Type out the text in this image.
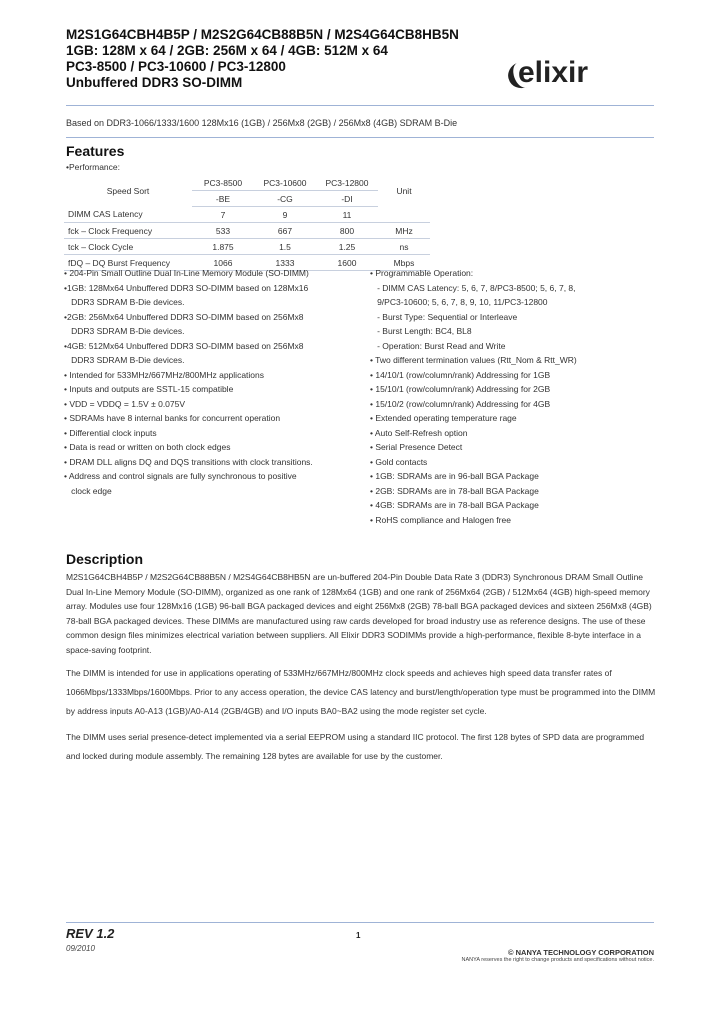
M2S1G64CBH4B5P / M2S2G64CB88B5N / M2S4G64CB8HB5N
1GB: 128M x 64 / 2GB: 256M x 64 / 4GB: 512M x 64
PC3-8500 / PC3-10600 / PC3-12800
Unbuffered DDR3 SO-DIMM	elixir
Based on DDR3-1066/1333/1600 128Mx16 (1GB) / 256Mx8 (2GB) / 256Mx8 (4GB) SDRAM B-Die
Features
•Performance:
Speed Sort	PC3-8500	PC3-10600	PC3-12800	Unit
	-BE	-CG	-DI	
DIMM CAS Latency	7	9	11	
fck – Clock Frequency	533	667	800	MHz
tck – Clock Cycle	1.875	1.5	1.25	ns
fDQ – DQ Burst Frequency	1066	1333	1600	Mbps
• 204-Pin Small Outline Dual In-Line Memory Module (SO-DIMM)
•1GB: 128Mx64 Unbuffered DDR3 SO-DIMM based on 128Mx16
DDR3 SDRAM B-Die devices.
•2GB: 256Mx64 Unbuffered DDR3 SO-DIMM based on 256Mx8
DDR3 SDRAM B-Die devices.
•4GB: 512Mx64 Unbuffered DDR3 SO-DIMM based on 256Mx8
DDR3 SDRAM B-Die devices.
• Intended for 533MHz/667MHz/800MHz applications
• Inputs and outputs are SSTL-15 compatible
• VDD = VDDQ = 1.5V ± 0.075V
• SDRAMs have 8 internal banks for concurrent operation
• Differential clock inputs
• Data is read or written on both clock edges
• DRAM DLL aligns DQ and DQS transitions with clock transitions.
• Address and control signals are fully synchronous to positive
clock edge
• Programmable Operation:
- DIMM CAS Latency: 5, 6, 7, 8/PC3-8500; 5, 6, 7, 8,
9/PC3-10600; 5, 6, 7, 8, 9, 10, 11/PC3-12800
- Burst Type: Sequential or Interleave
- Burst Length: BC4, BL8
- Operation: Burst Read and Write
• Two different termination values (Rtt_Nom & Rtt_WR)
• 14/10/1 (row/column/rank) Addressing for 1GB
• 15/10/1 (row/column/rank) Addressing for 2GB
• 15/10/2 (row/column/rank) Addressing for 4GB
• Extended operating temperature rage
• Auto Self-Refresh option
• Serial Presence Detect
• Gold contacts
• 1GB: SDRAMs are in 96-ball BGA Package
• 2GB: SDRAMs are in 78-ball BGA Package
• 4GB: SDRAMs are in 78-ball BGA Package
• RoHS compliance and Halogen free
Description

M2S1G64CBH4B5P / M2S2G64CB88B5N / M2S4G64CB8HB5N are un-buffered 204-Pin Double Data Rate 3 (DDR3) Synchronous DRAM Small Outline Dual In-Line Memory Module (SO-DIMM), organized as one rank of 128Mx64 (1GB) and one rank of 256Mx64 (2GB) / 512Mx64 (4GB) high-speed memory array. Modules use four 128Mx16 (1GB) 96-ball BGA packaged devices and eight 256Mx8 (2GB) 78-ball BGA packaged devices and sixteen 256Mx8 (4GB) 78-ball BGA packaged devices. These DIMMs are manufactured using raw cards developed for broad industry use as reference designs. The use of these common design files minimizes electrical variation between suppliers. All Elixir DDR3 SODIMMs provide a high-performance, flexible 8-byte interface in a space-saving footprint.

The DIMM is intended for use in applications operating of 533MHz/667MHz/800MHz clock speeds and achieves high speed data transfer rates of 1066Mbps/1333Mbps/1600Mbps. Prior to any access operation, the device CAS latency and burst/length/operation type must be programmed into the DIMM by address inputs A0-A13 (1GB)/A0-A14 (2GB/4GB) and I/O inputs BA0~BA2 using the mode register set cycle.

The DIMM uses serial presence-detect implemented via a serial EEPROM using a standard IIC protocol. The first 128 bytes of SPD data are programmed and locked during module assembly. The remaining 128 bytes are available for use by the customer.

REV 1.2
09/2010
1
© NANYA TECHNOLOGY CORPORATION
NANYA reserves the right to change products and specifications without notice.
